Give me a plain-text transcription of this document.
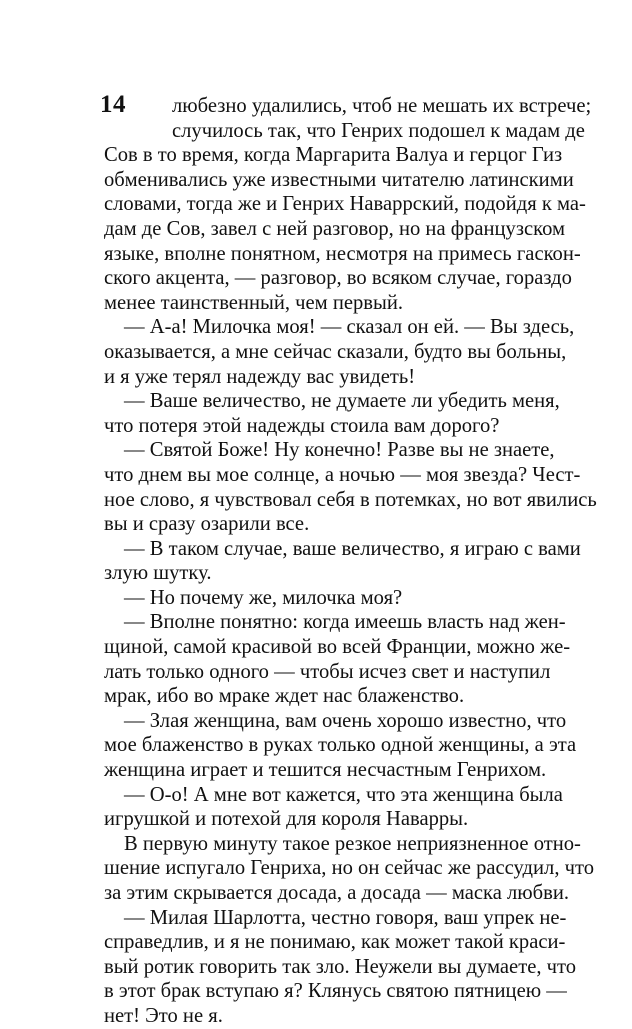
14	любезно удалились, чтоб не мешать их встрече;
случилось так, что Генрих подошел к мадам де
Сов в то время, когда Маргарита Валуа и герцог Гиз
обменивались уже известными читателю латинскими
словами, тогда же и Генрих Наваррский, подойдя к ма-
дам де Сов, завел с ней разговор, но на французском
языке, вполне понятном, несмотря на примесь гаскон-
ского акцента, — разговор, во всяком случае, гораздо
менее таинственный, чем первый.
— А-а! Милочка моя! — сказал он ей. — Вы здесь,
оказывается, а мне сейчас сказали, будто вы больны,
и я уже терял надежду вас увидеть!
— Ваше величество, не думаете ли убедить меня,
что потеря этой надежды стоила вам дорого?
— Святой Боже! Ну конечно! Разве вы не знаете,
что днем вы мое солнце, а ночью — моя звезда? Чест-
ное слово, я чувствовал себя в потемках, но вот явились
вы и сразу озарили все.
— В таком случае, ваше величество, я играю с вами
злую шутку.
— Но почему же, милочка моя?
— Вполне понятно: когда имеешь власть над жен-
щиной, самой красивой во всей Франции, можно же-
лать только одного — чтобы исчез свет и наступил
мрак, ибо во мраке ждет нас блаженство.
— Злая женщина, вам очень хорошо известно, что
мое блаженство в руках только одной женщины, а эта
женщина играет и тешится несчастным Генрихом.
— О-о! А мне вот кажется, что эта женщина была
игрушкой и потехой для короля Наварры.
В первую минуту такое резкое неприязненное отно-
шение испугало Генриха, но он сейчас же рассудил, что
за этим скрывается досада, а досада — маска любви.
— Милая Шарлотта, честно говоря, ваш упрек не-
справедлив, и я не понимаю, как может такой краси-
вый ротик говорить так зло. Неужели вы думаете, что
в этот брак вступаю я? Клянусь святою пятницею —
нет! Это не я.
